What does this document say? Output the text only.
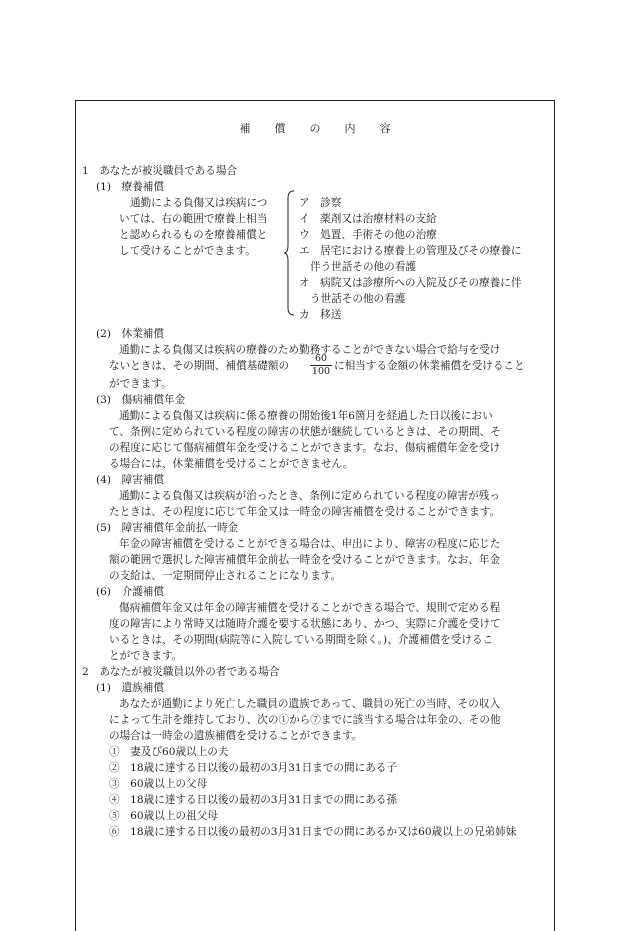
補 償 の 内 容
1　あなたが被災職員である場合
(1)　療養補償
通勤による負傷又は疾病につ
いては、右の範囲で療養上相当
と認められるものを療養補償と
して受けることができます。
ア　診察
イ　薬剤又は治療材料の支給
ウ　処置、手術その他の治療
エ　居宅における療養上の管理及びその療養に
伴う世話その他の看護
オ　病院又は診療所への入院及びその療養に伴
う世話その他の看護
カ　移送
(2)　休業補償
通勤による負傷又は疾病の療養のため勤務することができない場合で給与を受け
ないときは、その期間、補償基礎額の
60
100 に相当する金額の休業補償を受けること
ができます。
(3)　傷病補償年金
通勤による負傷又は疾病に係る療養の開始後1年6箇月を経過した日以後におい
て、条例に定められている程度の障害の状態が継続しているときは、その期間、そ
の程度に応じて傷病補償年金を受けることができます。なお、傷病補償年金を受け
る場合には、休業補償を受けることができません。
(4)　障害補償
通勤による負傷又は疾病が治ったとき、条例に定められている程度の障害が残っ
たときは、その程度に応じて年金又は一時金の障害補償を受けることができます。
(5)　障害補償年金前払一時金
年金の障害補償を受けることができる場合は、申出により、障害の程度に応じた
額の範囲で選択した障害補償年金前払一時金を受けることができます。なお、年金
の支給は、一定期間停止されることになります。
(6)　介護補償
傷病補償年金又は年金の障害補償を受けることができる場合で、規則で定める程
度の障害により常時又は随時介護を要する状態にあり、かつ、実際に介護を受けて
いるときは、その期間(病院等に入院している期間を除く。)、介護補償を受けるこ
とができます。
2　あなたが被災職員以外の者である場合
(1)　遺族補償
あなたが通勤により死亡した職員の遺族であって、職員の死亡の当時、その収入
によって生計を維持しており、次の①から⑦までに該当する場合は年金の、その他
の場合は一時金の遺族補償を受けることができます。
①　妻及び60歳以上の夫
②　18歳に達する日以後の最初の3月31日までの間にある子
③　60歳以上の父母
④　18歳に達する日以後の最初の3月31日までの間にある孫
⑤　60歳以上の祖父母
⑥　18歳に達する日以後の最初の3月31日までの間にあるか又は60歳以上の兄弟姉妹
